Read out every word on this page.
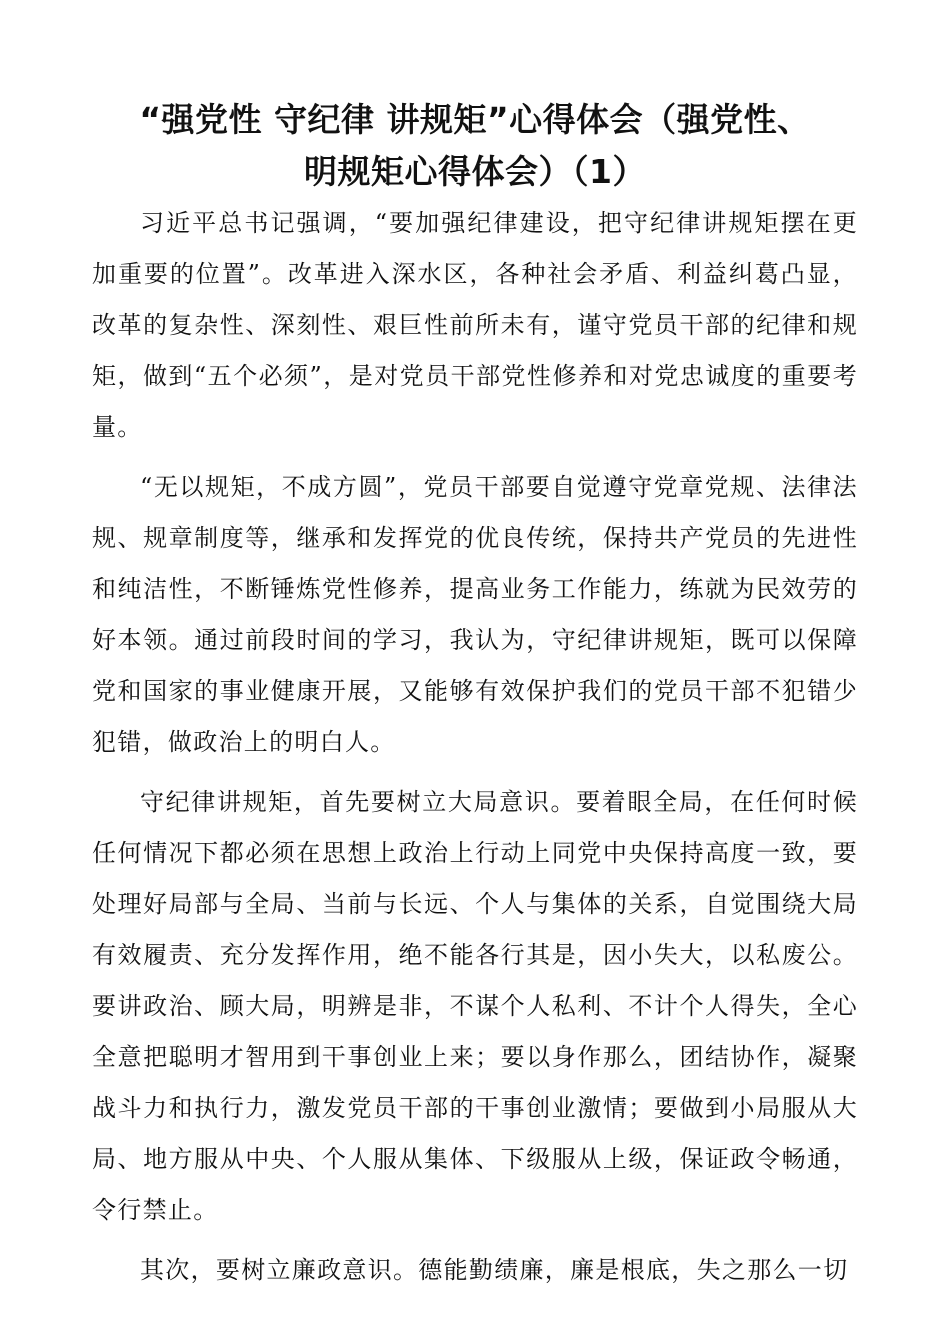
“强党性 守纪律 讲规矩”心得体会（强党性、
明规矩心得体会）（1）

习近平总书记强调，“要加强纪律建设，把守纪律讲规矩摆在更加重要的位置”。改革进入深水区，各种社会矛盾、利益纠葛凸显，改革的复杂性、深刻性、艰巨性前所未有，谨守党员干部的纪律和规矩，做到“五个必须”，是对党员干部党性修养和对党忠诚度的重要考量。

“无以规矩，不成方圆”，党员干部要自觉遵守党章党规、法律法规、规章制度等，继承和发挥党的优良传统，保持共产党员的先进性和纯洁性，不断锤炼党性修养，提高业务工作能力，练就为民效劳的好本领。通过前段时间的学习，我认为，守纪律讲规矩，既可以保障党和国家的事业健康开展，又能够有效保护我们的党员干部不犯错少犯错，做政治上的明白人。

守纪律讲规矩，首先要树立大局意识。要着眼全局，在任何时候任何情况下都必须在思想上政治上行动上同党中央保持高度一致，要处理好局部与全局、当前与长远、个人与集体的关系，自觉围绕大局有效履责、充分发挥作用，绝不能各行其是，因小失大，以私废公。要讲政治、顾大局，明辨是非，不谋个人私利、不计个人得失，全心全意把聪明才智用到干事创业上来；要以身作那么，团结协作，凝聚战斗力和执行力，激发党员干部的干事创业激情；要做到小局服从大局、地方服从中央、个人服从集体、下级服从上级，保证政令畅通，令行禁止。

其次，要树立廉政意识。德能勤绩廉，廉是根底，失之那么一切
